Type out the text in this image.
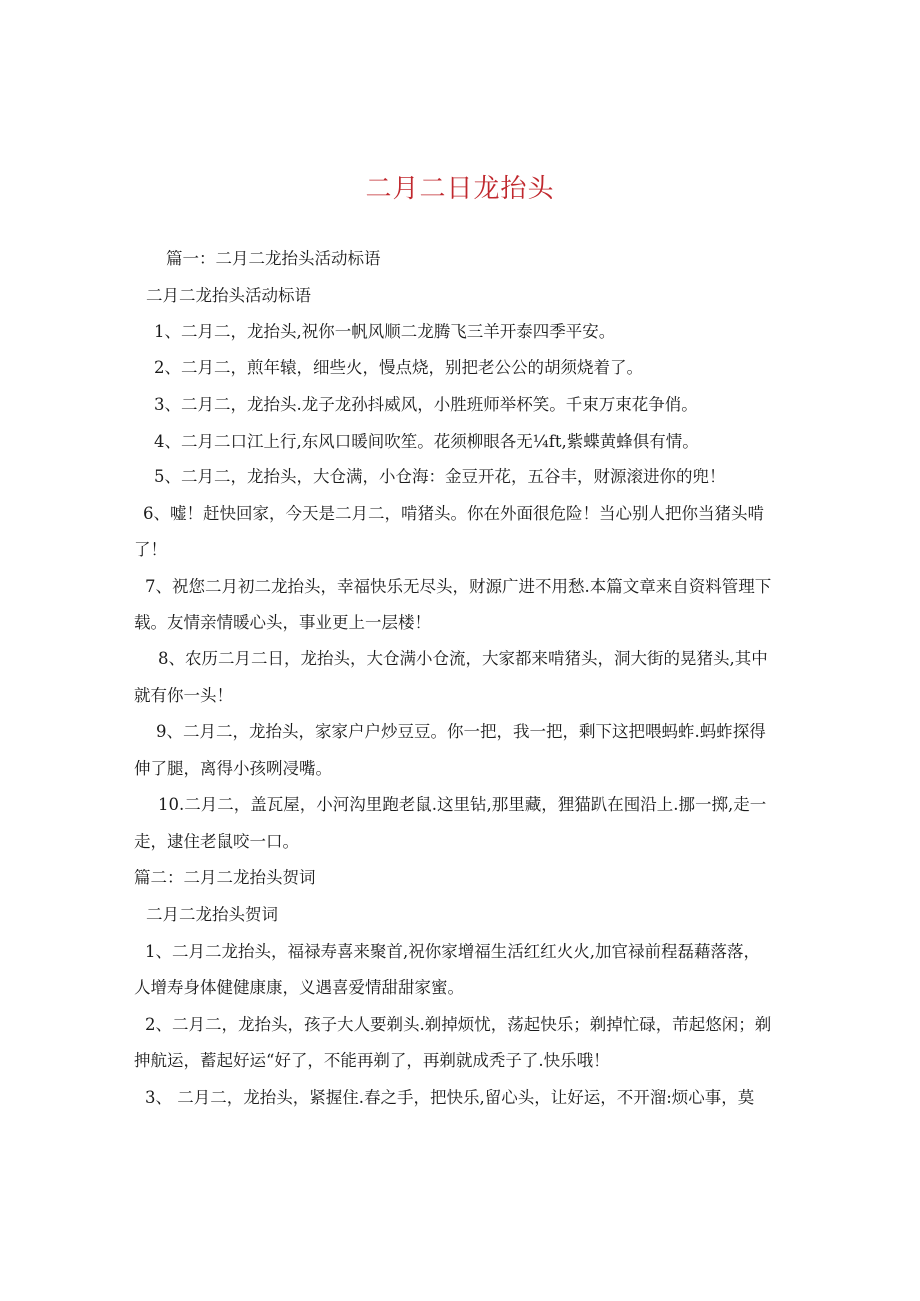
二月二日龙抬头

篇一：二月二龙抬头活动标语

二月二龙抬头活动标语

1、二月二，龙抬头,祝你一帆风顺二龙腾飞三羊开泰四季平安。

2、二月二，煎年辕，细些火，慢点烧，别把老公公的胡须烧着了。

3、二月二，龙抬头.龙子龙孙抖威风，小胜班师举杯笑。千束万束花争俏。

4、二月二口江上行,东风口暖间吹笙。花须柳眼各无¼ft,紫蝶黄蜂俱有情。

5、二月二，龙抬头，大仓满，小仓海：金豆开花，五谷丰，财源滚进你的兜！

6、嘘！赶快回家，今天是二月二，啃猪头。你在外面很危险！当心别人把你当猪头啃

了！

7、祝您二月初二龙抬头，幸福快乐无尽头，财源广进不用愁.本篇文章来自资料管理下

载。友情亲情暖心头，事业更上一层楼！

8、农历二月二日，龙抬头，大仓满小仓流，大家都来啃猪头，洞大街的晃猪头,其中

就有你一头！

9、二月二，龙抬头，家家户户炒豆豆。你一把，我一把，剩下这把喂蚂蚱.蚂蚱探得

伸了腿，离得小孩咧㓎嘴。

10.二月二，盖瓦屋，小河沟里跑老鼠.这里钻,那里藏，狸猫趴在囤沿上.挪一掷,走一

走，逮住老鼠咬一口。

篇二：二月二龙抬头贺词

二月二龙抬头贺词

1、二月二龙抬头，福禄寿喜来聚首,祝你家增福生活红红火火,加官禄前程磊藉落落，

人增寿身体健健康康，义遇喜爱情甜甜家蜜。

2、二月二，龙抬头，孩子大人要剃头.剃掉烦忧，荡起快乐；剃掉忙碌，芾起悠闲；剃

抻航运，蓄起好运“好了，不能再剃了，再剃就成秃子了.快乐哦！

3、 二月二，龙抬头，紧握住.春之手，把快乐,留心头，让好运，不开溜:烦心事，莫
